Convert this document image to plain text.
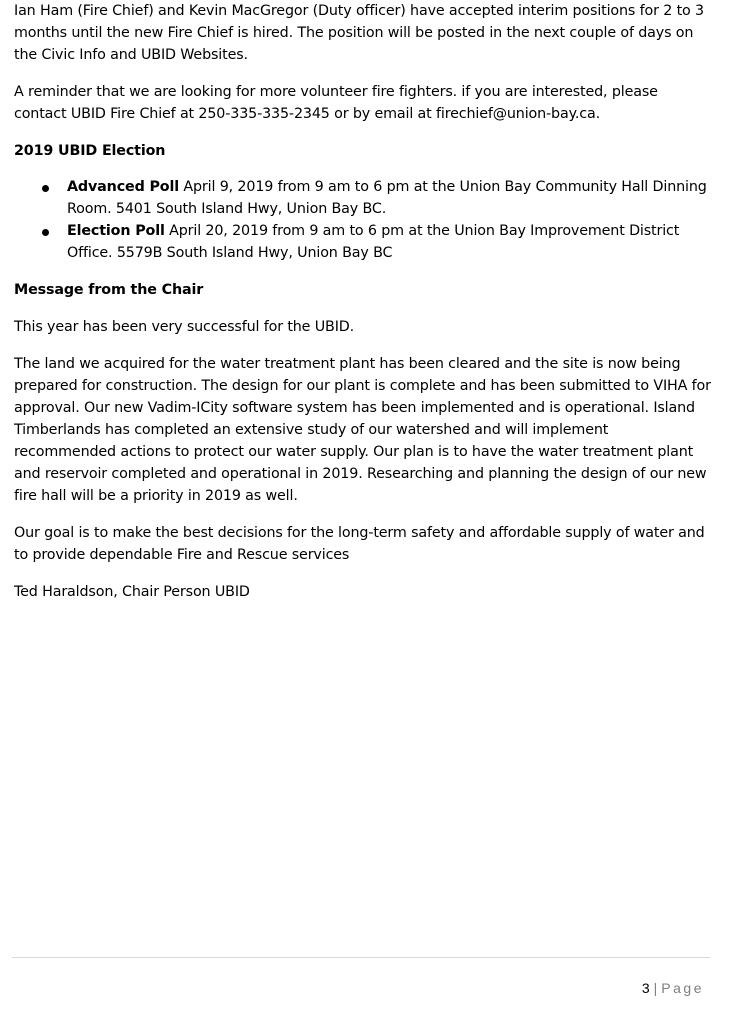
Ian Ham (Fire Chief) and Kevin MacGregor (Duty officer) have accepted interim positions for 2 to 3 months until the new Fire Chief is hired. The position will be posted in the next couple of days on the Civic Info and UBID Websites.

A reminder that we are looking for more volunteer fire fighters. if you are interested, please contact UBID Fire Chief at 250-335-335-2345 or by email at firechief@union-bay.ca.

2019 UBID Election

Advanced Poll April 9, 2019 from 9 am to 6 pm at the Union Bay Community Hall Dinning Room. 5401 South Island Hwy, Union Bay BC.
Election Poll April 20, 2019 from 9 am to 6 pm at the Union Bay Improvement District Office. 5579B South Island Hwy, Union Bay BC

Message from the Chair

This year has been very successful for the UBID.

The land we acquired for the water treatment plant has been cleared and the site is now being prepared for construction. The design for our plant is complete and has been submitted to VIHA for approval. Our new Vadim-ICity software system has been implemented and is operational. Island Timberlands has completed an extensive study of our watershed and will implement recommended actions to protect our water supply. Our plan is to have the water treatment plant and reservoir completed and operational in 2019. Researching and planning the design of our new fire hall will be a priority in 2019 as well.

Our goal is to make the best decisions for the long-term safety and affordable supply of water and to provide dependable Fire and Rescue services

Ted Haraldson, Chair Person UBID

3 | Page
